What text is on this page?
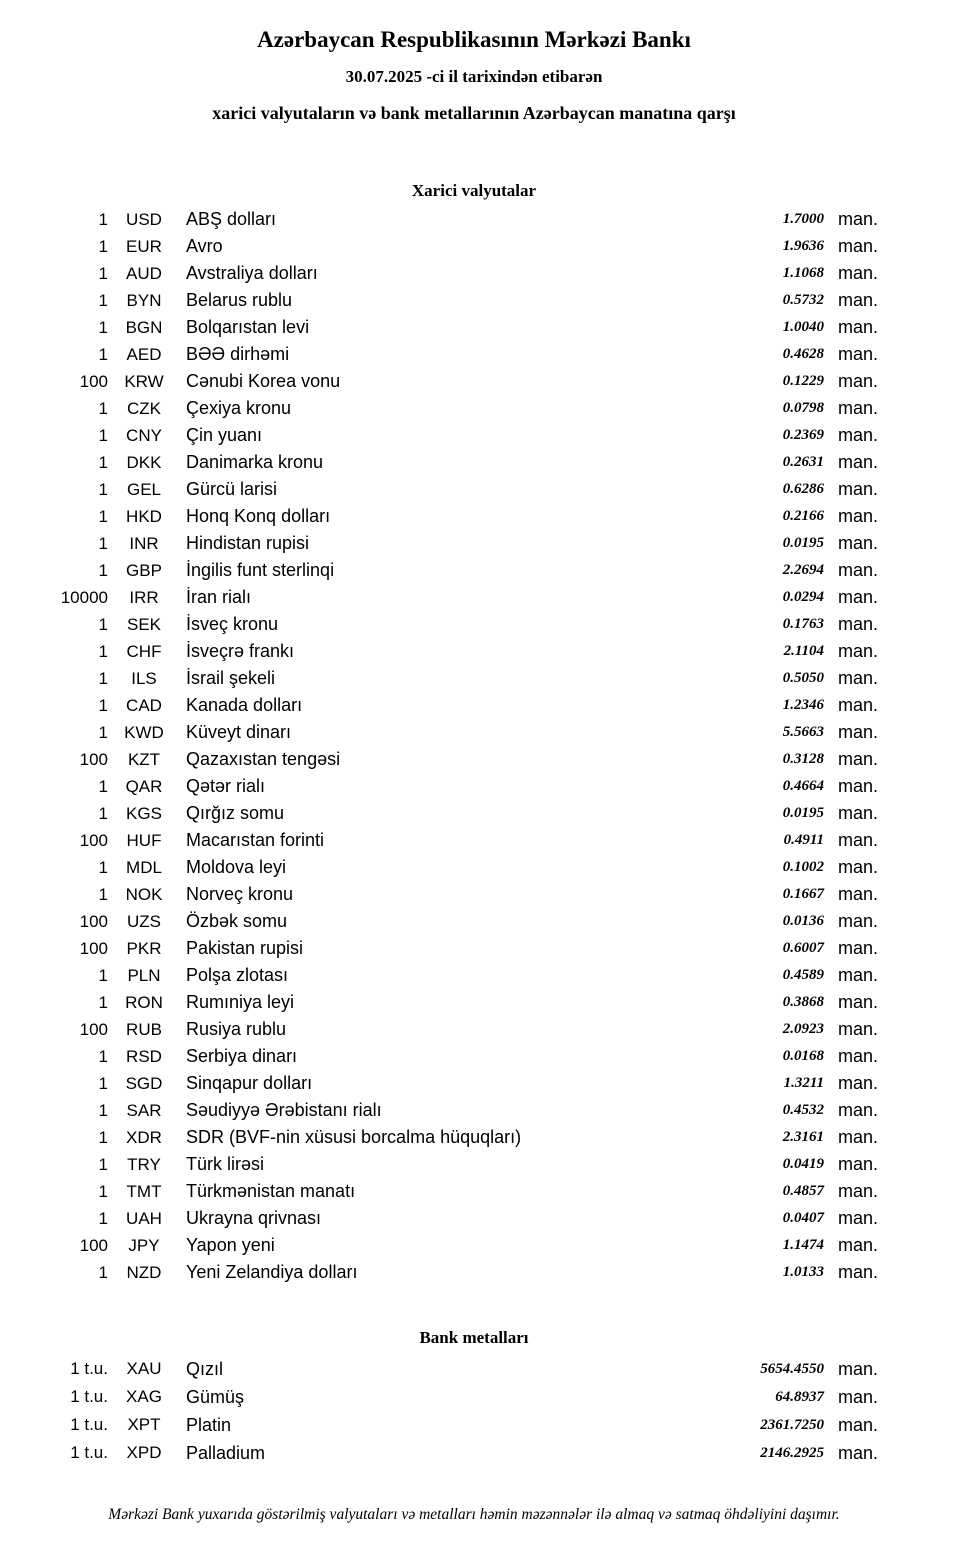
Azərbaycan Respublikasının Mərkəzi Bankı
30.07.2025 -ci il tarixindən etibarən
xarici valyutaların və bank metallarının Azərbaycan manatına qarşı
Xarici valyutalar
1	USD	ABŞ dolları	1.7000	man.
1	EUR	Avro	1.9636	man.
1	AUD	Avstraliya dolları	1.1068	man.
1	BYN	Belarus rublu	0.5732	man.
1	BGN	Bolqarıstan levi	1.0040	man.
1	AED	BƏƏ dirhəmi	0.4628	man.
100	KRW	Cənubi Korea vonu	0.1229	man.
1	CZK	Çexiya kronu	0.0798	man.
1	CNY	Çin yuanı	0.2369	man.
1	DKK	Danimarka kronu	0.2631	man.
1	GEL	Gürcü larisi	0.6286	man.
1	HKD	Honq Konq dolları	0.2166	man.
1	INR	Hindistan rupisi	0.0195	man.
1	GBP	İngilis funt sterlinqi	2.2694	man.
10000	IRR	İran rialı	0.0294	man.
1	SEK	İsveç kronu	0.1763	man.
1	CHF	İsveçrə frankı	2.1104	man.
1	ILS	İsrail şekeli	0.5050	man.
1	CAD	Kanada dolları	1.2346	man.
1	KWD	Küveyt dinarı	5.5663	man.
100	KZT	Qazaxıstan tengəsi	0.3128	man.
1	QAR	Qətər rialı	0.4664	man.
1	KGS	Qırğız somu	0.0195	man.
100	HUF	Macarıstan forinti	0.4911	man.
1	MDL	Moldova leyi	0.1002	man.
1	NOK	Norveç kronu	0.1667	man.
100	UZS	Özbək somu	0.0136	man.
100	PKR	Pakistan rupisi	0.6007	man.
1	PLN	Polşa zlotası	0.4589	man.
1	RON	Rumıniya leyi	0.3868	man.
100	RUB	Rusiya rublu	2.0923	man.
1	RSD	Serbiya dinarı	0.0168	man.
1	SGD	Sinqapur dolları	1.3211	man.
1	SAR	Səudiyyə Ərəbistanı rialı	0.4532	man.
1	XDR	SDR (BVF-nin xüsusi borcalma hüquqları)	2.3161	man.
1	TRY	Türk lirəsi	0.0419	man.
1	TMT	Türkmənistan manatı	0.4857	man.
1	UAH	Ukrayna qrivnası	0.0407	man.
100	JPY	Yapon yeni	1.1474	man.
1	NZD	Yeni Zelandiya dolları	1.0133	man.
Bank metalları
1 t.u.	XAU	Qızıl	5654.4550	man.
1 t.u.	XAG	Gümüş	64.8937	man.
1 t.u.	XPT	Platin	2361.7250	man.
1 t.u.	XPD	Palladium	2146.2925	man.
Mərkəzi Bank yuxarıda göstərilmiş valyutaları və metalları həmin məzənnələr ilə almaq və satmaq öhdəliyini daşımır.
